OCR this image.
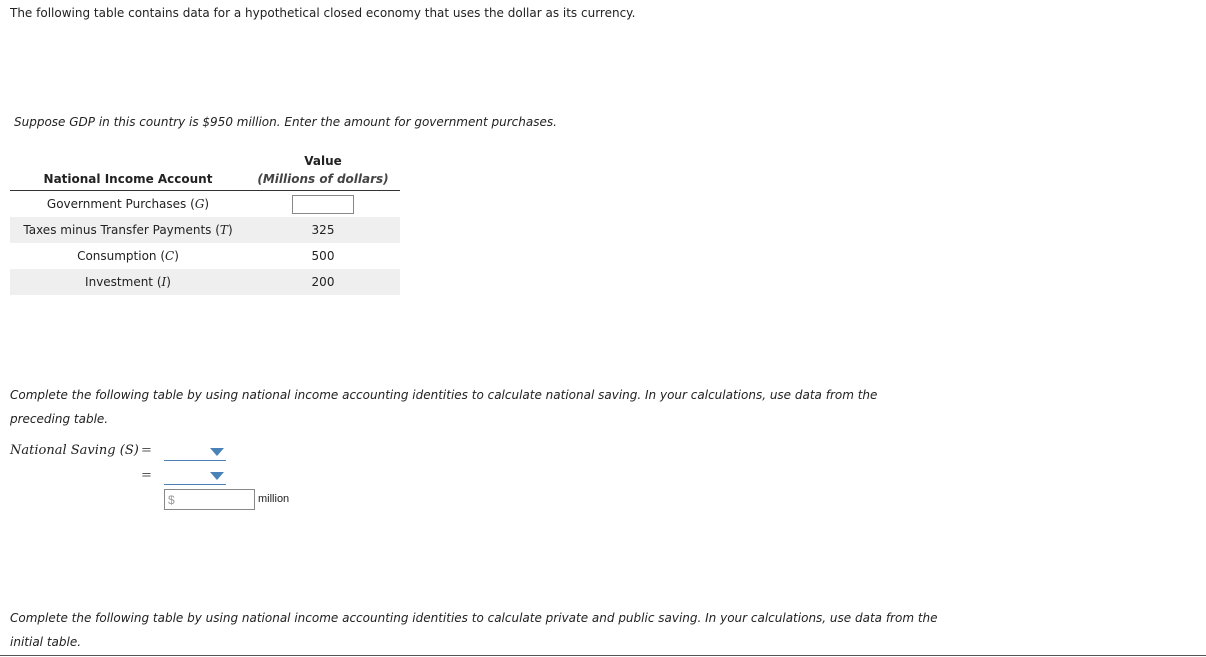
The following table contains data for a hypothetical closed economy that uses the dollar as its currency.
Suppose GDP in this country is $950 million. Enter the amount for government purchases.
	Value
National Income Account	(Millions of dollars)
Government Purchases (G)	
Taxes minus Transfer Payments (T)	325
Consumption (C)	500
Investment (I)	200
Complete the following table by using national income accounting identities to calculate national saving. In your calculations, use data from the preceding table.
National Saving (S) =
=
$	million
Complete the following table by using national income accounting identities to calculate private and public saving. In your calculations, use data from the initial table.
